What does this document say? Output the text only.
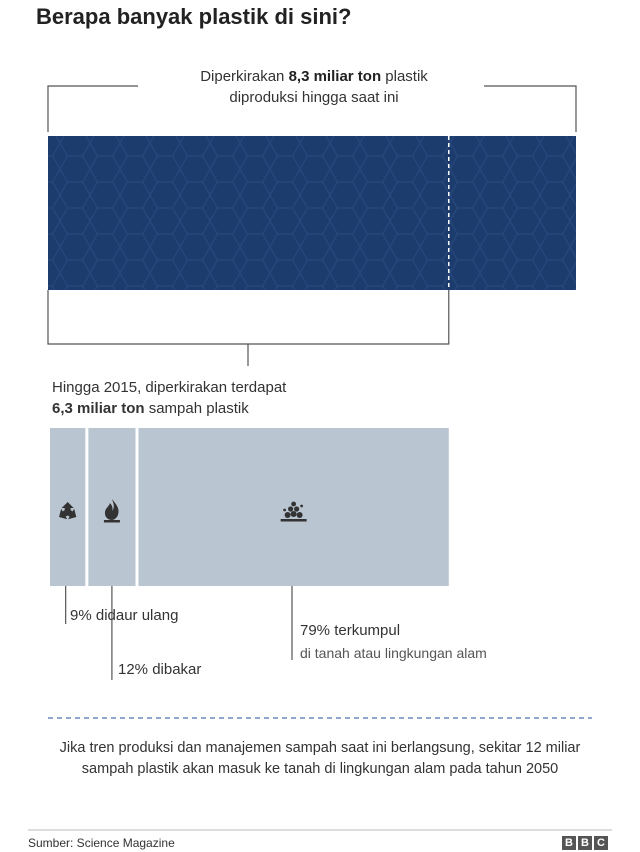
Berapa banyak plastik di sini?
Diperkirakan 8,3 miliar ton plastik
diproduksi hingga saat ini
Hingga 2015, diperkirakan terdapat
6,3 miliar ton sampah plastik
9% didaur ulang
12% dibakar
79% terkumpul
di tanah atau lingkungan alam
Jika tren produksi dan manajemen sampah saat ini berlangsung, sekitar 12 miliar sampah plastik akan masuk ke tanah di lingkungan alam pada tahun 2050
Sumber: Science Magazine	B B C
